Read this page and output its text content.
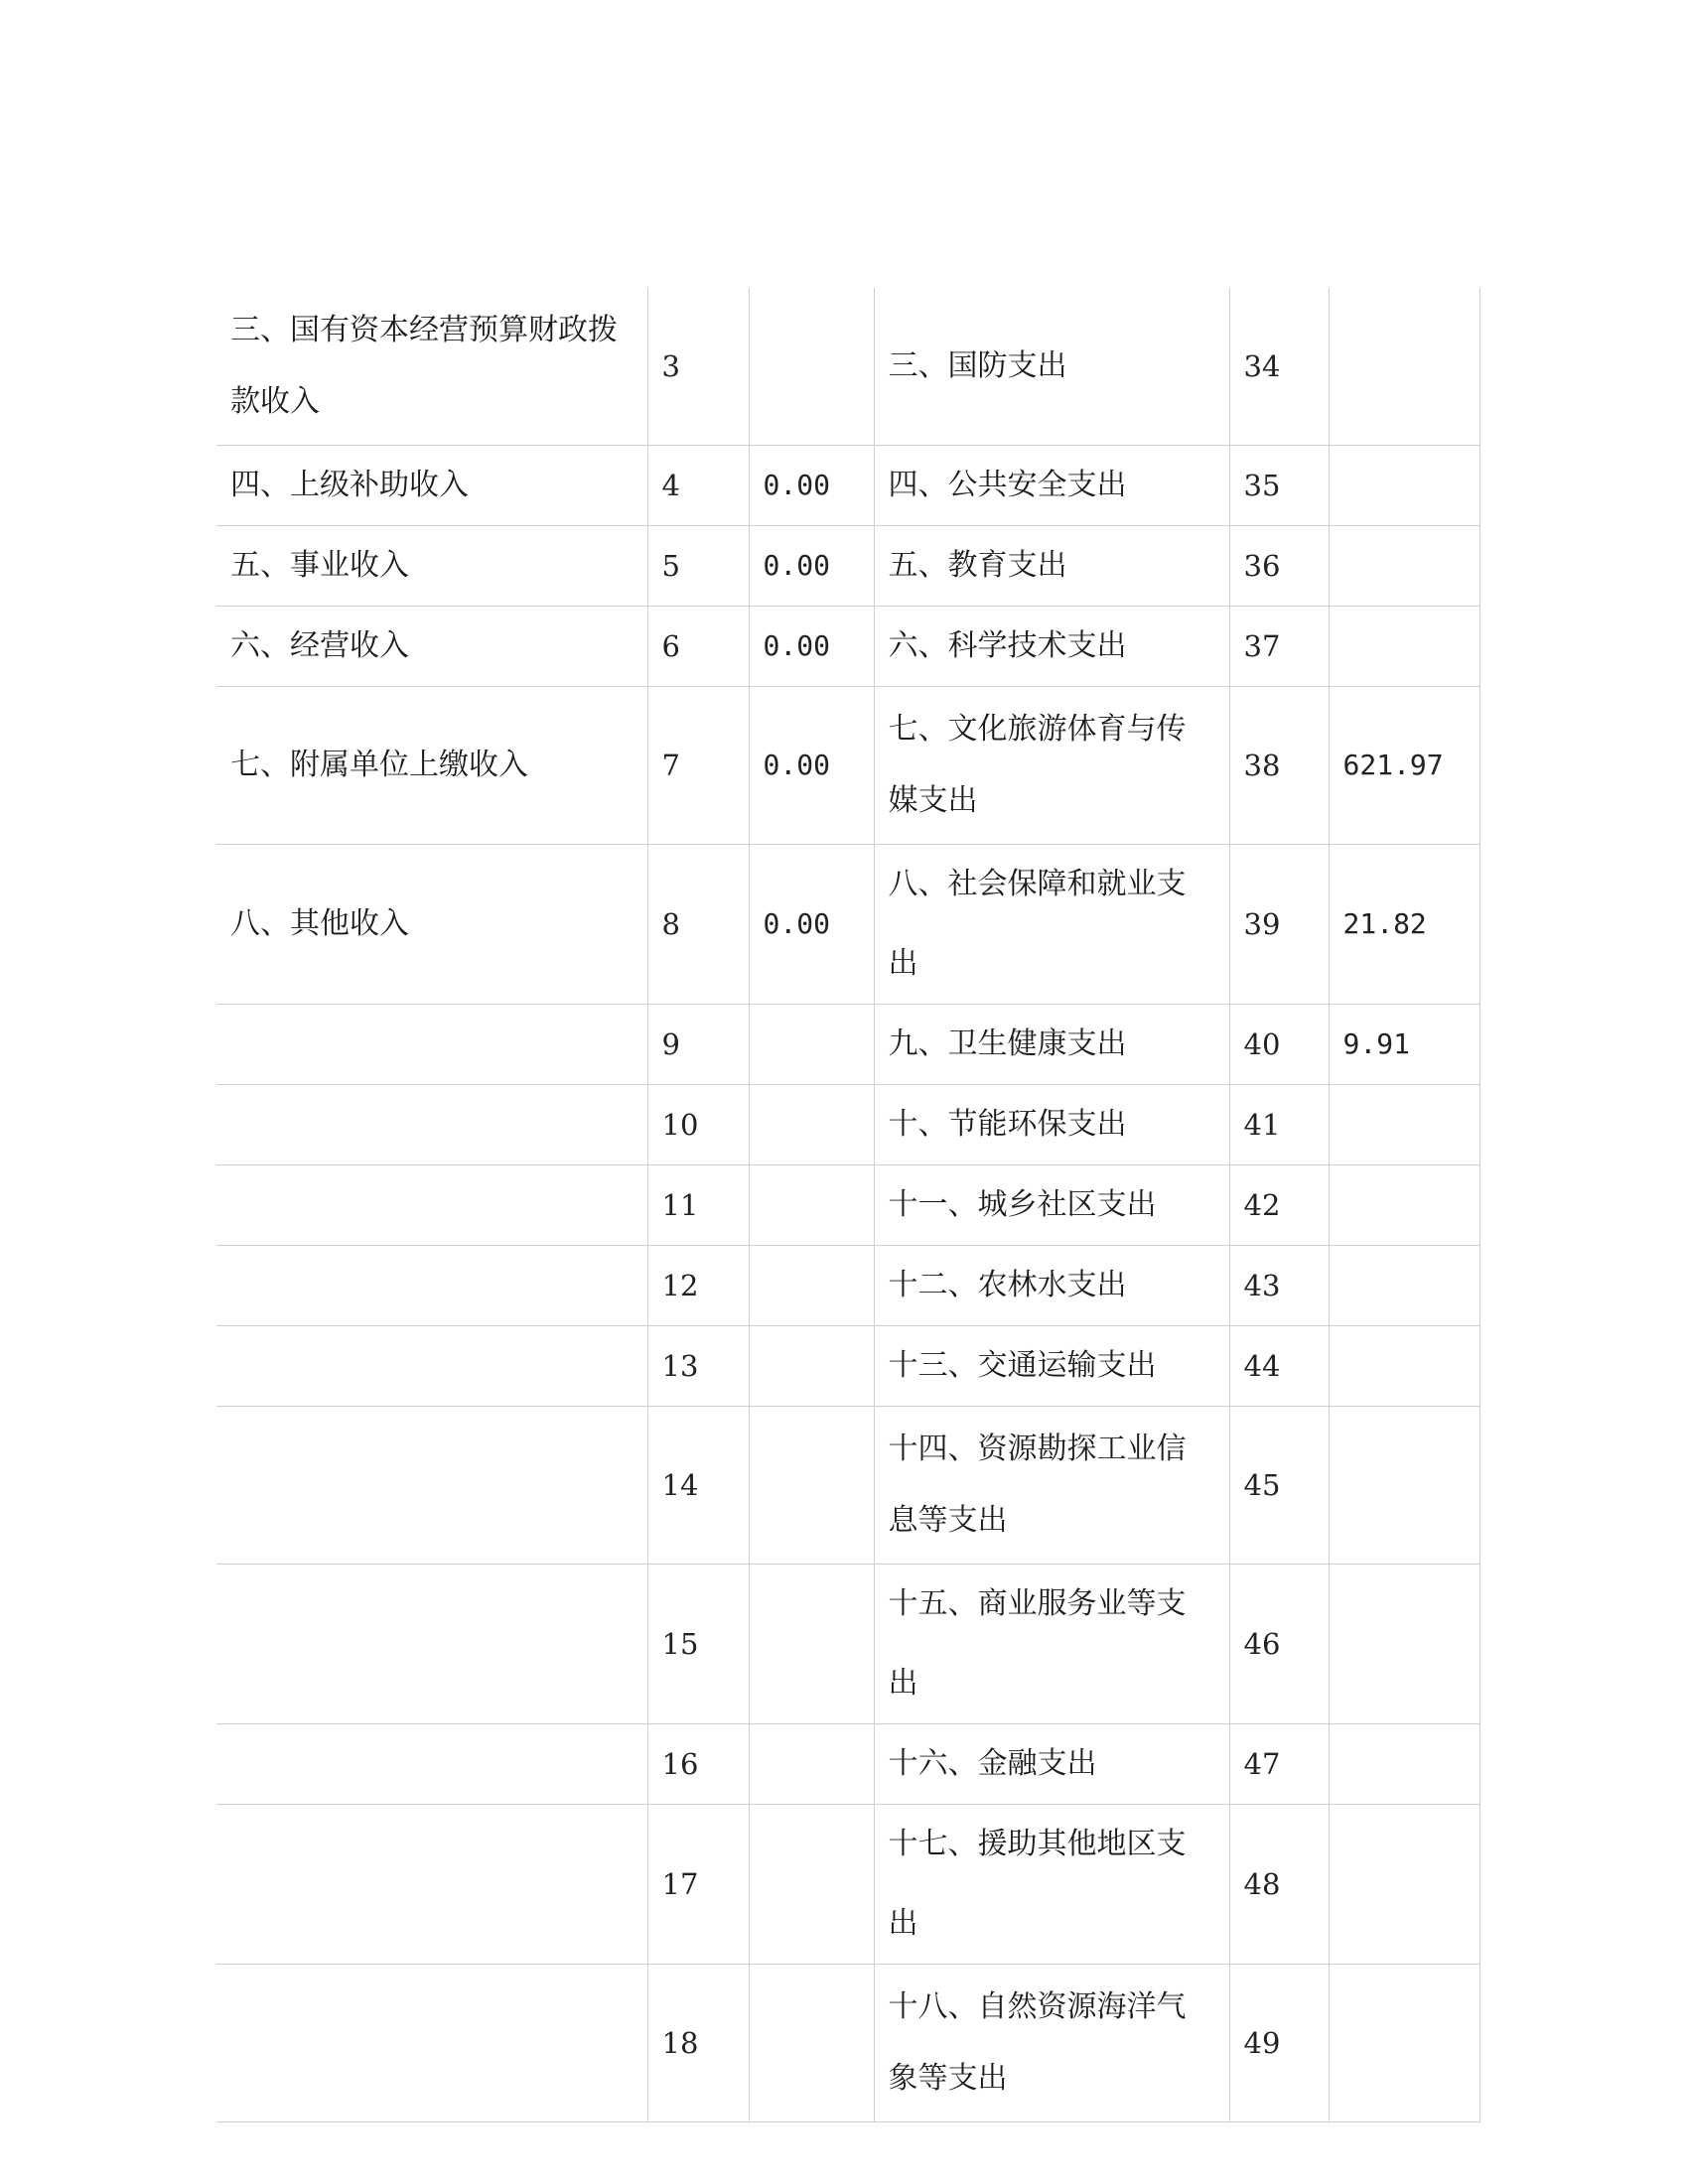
三、国有资本经营预算财政拨款收入	3		三、国防支出	34	
四、上级补助收入	4	0.00	四、公共安全支出	35	
五、事业收入	5	0.00	五、教育支出	36	
六、经营收入	6	0.00	六、科学技术支出	37	
七、附属单位上缴收入	7	0.00	七、文化旅游体育与传媒支出	38	621.97
八、其他收入	8	0.00	八、社会保障和就业支出	39	21.82
	9		九、卫生健康支出	40	9.91
	10		十、节能环保支出	41	
	11		十一、城乡社区支出	42	
	12		十二、农林水支出	43	
	13		十三、交通运输支出	44	
	14		十四、资源勘探工业信息等支出	45	
	15		十五、商业服务业等支出	46	
	16		十六、金融支出	47	
	17		十七、援助其他地区支出	48	
	18		十八、自然资源海洋气象等支出	49	
